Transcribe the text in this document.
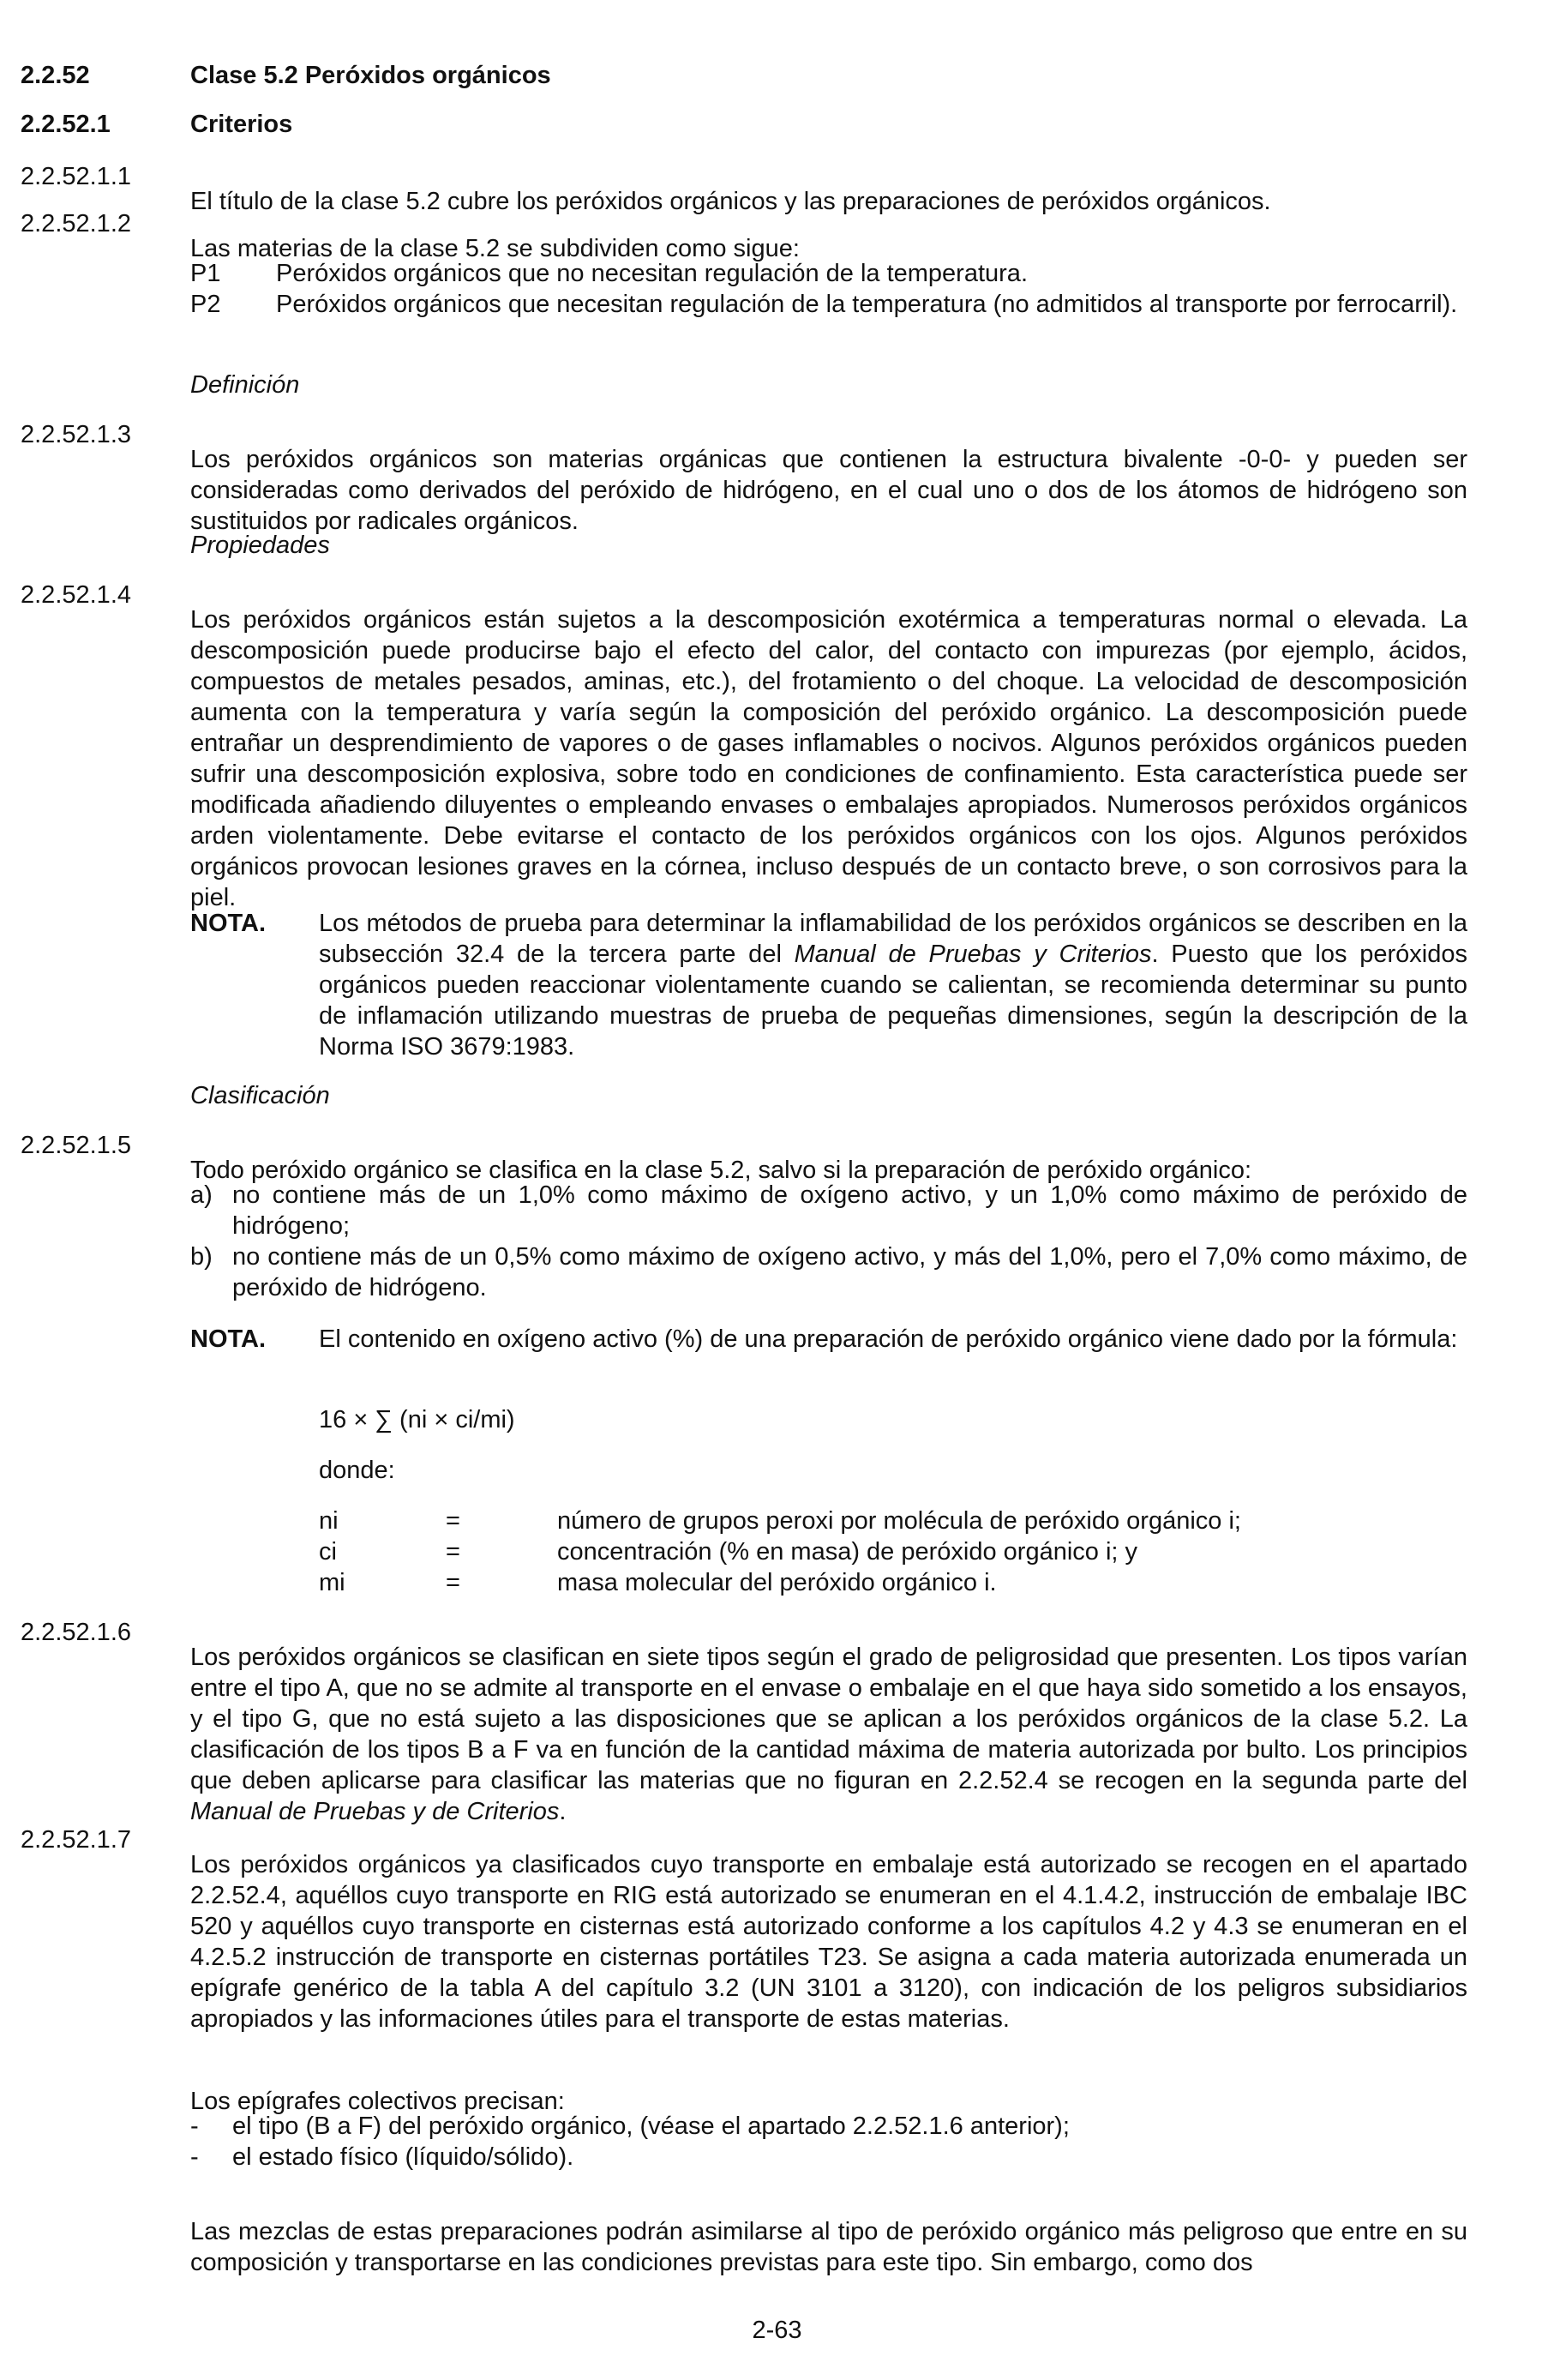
2.2.52	Clase 5.2 Peróxidos orgánicos
2.2.52.1	Criterios
2.2.52.1.1

El título de la clase 5.2 cubre los peróxidos orgánicos y las preparaciones de peróxidos orgánicos.

2.2.52.1.2

Las materias de la clase 5.2 se subdividen como sigue:

P1	Peróxidos orgánicos que no necesitan regulación de la temperatura.
P2	Peróxidos orgánicos que necesitan regulación de la temperatura (no admitidos al transporte por ferrocarril).
Definición
2.2.52.1.3

Los peróxidos orgánicos son materias orgánicas que contienen la estructura bivalente -0-0- y pueden ser consideradas como derivados del peróxido de hidrógeno, en el cual uno o dos de los átomos de hidrógeno son sustituidos por radicales orgánicos.

Propiedades
2.2.52.1.4

Los peróxidos orgánicos están sujetos a la descomposición exotérmica a temperaturas normal o elevada. La descomposición puede producirse bajo el efecto del calor, del contacto con impurezas (por ejemplo, ácidos, compuestos de metales pesados, aminas, etc.), del frotamiento o del choque. La velocidad de descomposición aumenta con la temperatura y varía según la composición del peróxido orgánico. La descomposición puede entrañar un desprendimiento de vapores o de gases inflamables o nocivos. Algunos peróxidos orgánicos pueden sufrir una descomposición explosiva, sobre todo en condiciones de confinamiento. Esta característica puede ser modificada añadiendo diluyentes o empleando envases o embalajes apropiados. Numerosos peróxidos orgánicos arden violentamente. Debe evitarse el contacto de los peróxidos orgánicos con los ojos. Algunos peróxidos orgánicos provocan lesiones graves en la córnea, incluso después de un contacto breve, o son corrosivos para la piel.

NOTA. Los métodos de prueba para determinar la inflamabilidad de los peróxidos orgánicos se describen en la subsección 32.4 de la tercera parte del Manual de Pruebas y Criterios. Puesto que los peróxidos orgánicos pueden reaccionar violentamente cuando se calientan, se recomienda determinar su punto de inflamación utilizando muestras de prueba de pequeñas dimensiones, según la descripción de la Norma ISO 3679:1983.

Clasificación
2.2.52.1.5

Todo peróxido orgánico se clasifica en la clase 5.2, salvo si la preparación de peróxido orgánico:

a) no contiene más de un 1,0% como máximo de oxígeno activo, y un 1,0% como máximo de peróxido de hidrógeno;
b) no contiene más de un 0,5% como máximo de oxígeno activo, y más del 1,0%, pero el 7,0% como máximo, de peróxido de hidrógeno.
NOTA. El contenido en oxígeno activo (%) de una preparación de peróxido orgánico viene dado por la fórmula:

16 × ∑ (ni × ci/mi)
donde:
ni	=	número de grupos peroxi por molécula de peróxido orgánico i;
ci	=	concentración (% en masa) de peróxido orgánico i; y
mi	=	masa molecular del peróxido orgánico i.
2.2.52.1.6

Los peróxidos orgánicos se clasifican en siete tipos según el grado de peligrosidad que presenten. Los tipos varían entre el tipo A, que no se admite al transporte en el envase o embalaje en el que haya sido sometido a los ensayos, y el tipo G, que no está sujeto a las disposiciones que se aplican a los peróxidos orgánicos de la clase 5.2. La clasificación de los tipos B a F va en función de la cantidad máxima de materia autorizada por bulto. Los principios que deben aplicarse para clasificar las materias que no figuran en 2.2.52.4 se recogen en la segunda parte del Manual de Pruebas y de Criterios.

2.2.52.1.7

Los peróxidos orgánicos ya clasificados cuyo transporte en embalaje está autorizado se recogen en el apartado 2.2.52.4, aquéllos cuyo transporte en RIG está autorizado se enumeran en el 4.1.4.2, instrucción de embalaje IBC 520 y aquéllos cuyo transporte en cisternas está autorizado conforme a los capítulos 4.2 y 4.3 se enumeran en el 4.2.5.2 instrucción de transporte en cisternas portátiles T23. Se asigna a cada materia autorizada enumerada un epígrafe genérico de la tabla A del capítulo 3.2 (UN 3101 a 3120), con indicación de los peligros subsidiarios apropiados y las informaciones útiles para el transporte de estas materias.

Los epígrafes colectivos precisan:

- el tipo (B a F) del peróxido orgánico, (véase el apartado 2.2.52.1.6 anterior);
- el estado físico (líquido/sólido).

Las mezclas de estas preparaciones podrán asimilarse al tipo de peróxido orgánico más peligroso que entre en su composición y transportarse en las condiciones previstas para este tipo. Sin embargo, como dos

2-63
